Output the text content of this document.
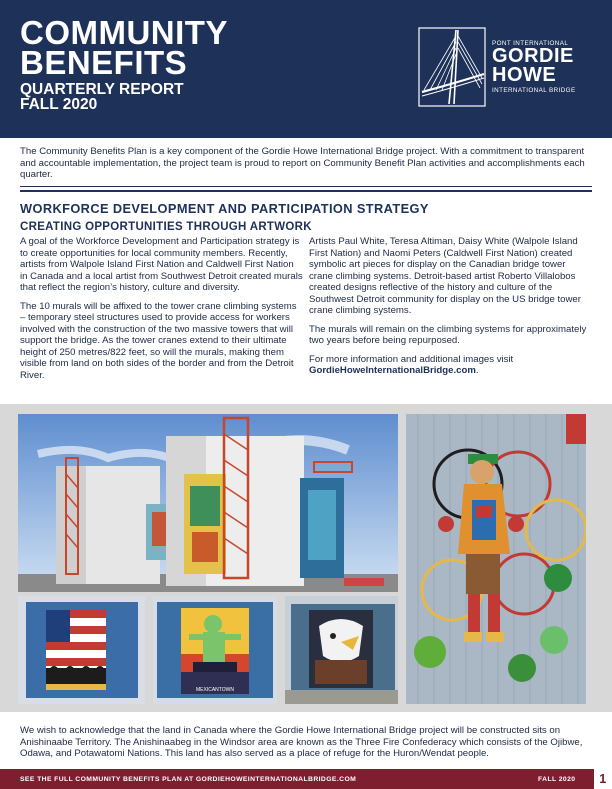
COMMUNITY
BENEFITS
QUARTERLY REPORT
FALL 2020
PONT INTERNATIONAL
GORDIE
HOWE
INTERNATIONAL BRIDGE
The Community Benefits Plan is a key component of the Gordie Howe International Bridge project. With a commitment to transparent and accountable implementation, the project team is proud to report on Community Benefit Plan activities and accomplishments each quarter.
WORKFORCE DEVELOPMENT AND PARTICIPATION STRATEGY
CREATING OPPORTUNITIES THROUGH ARTWORK

A goal of the Workforce Development and Participation strategy is to create opportunities for local community members. Recently, artists from Walpole Island First Nation and Caldwell First Nation in Canada and a local artist from Southwest Detroit created murals that reflect the region’s history, culture and diversity.

The 10 murals will be affixed to the tower crane climbing systems – temporary steel structures used to provide access for workers involved with the construction of the two massive towers that will support the bridge. As the tower cranes extend to their ultimate height of 250 metres/822 feet, so will the murals, making them visible from land on both sides of the border and from the Detroit River.

Artists Paul White, Teresa Altiman, Daisy White (Walpole Island First Nation) and Naomi Peters (Caldwell First Nation) created symbolic art pieces for display on the Canadian bridge tower crane climbing systems. Detroit-based artist Roberto Villalobos created designs reflective of the history and culture of the Southwest Detroit community for display on the US bridge tower crane climbing systems.

The murals will remain on the climbing systems for approximately two years before being repurposed.

For more information and additional images visit
GordieHoweInternationalBridge.com.

MEXICANTOWN
We wish to acknowledge that the land in Canada where the Gordie Howe International Bridge project will be constructed sits on Anishinaabe Territory. The Anishinaabeg in the Windsor area are known as the Three Fire Confederacy which consists of the Ojibwe, Odawa, and Potawatomi Nations. This land has also served as a place of refuge for the Huron/Wendat people.
SEE THE FULL COMMUNITY BENEFITS PLAN AT GORDIEHOWEINTERNATIONALBRIDGE.COM	FALL 2020	1
